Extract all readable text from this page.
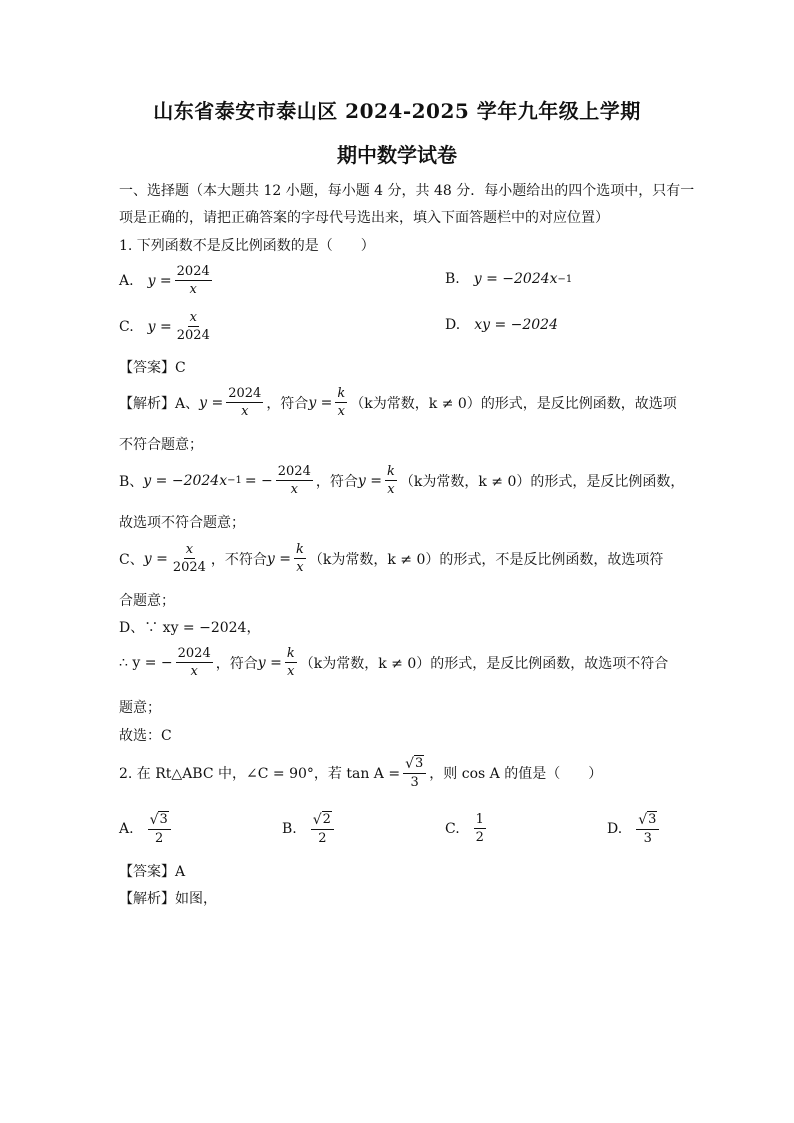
山东省泰安市泰山区 2024-2025 学年九年级上学期
期中数学试卷
一、选择题（本大题共 12 小题，每小题 4 分，共 48 分．每小题给出的四个选项中，只有一
项是正确的，请把正确答案的字母代号选出来，填入下面答题栏中的对应位置）
1. 下列函数不是反比例函数的是（　　）
A. $y = \frac{2024}{x}$	B. y = −2024x −1
C. $y = \frac{x}{2024}$	D. xy = −2024
【答案】C
【解析】 A、 $y = \frac{2024}{x}$ ，符合 $y = \frac{k}{x} (k$为常数，k ≠ 0） 的形式，是反比例函数，故选项
不符合题意；
B、 y = −2024x −1 = − $\frac{2024}{x}$ ，符合 $y = \frac{k}{x} (k$为常数，k ≠ 0） 的形式，是反比例函数，
故选项不符合题意；
C、 $y = \frac{x}{2024}$ ，不符合 $y = \frac{k}{x} (k$为常数，k ≠ 0） 的形式，不是反比例函数，故选项符
合题意；
D、∵ xy = −2024，
∴ y = − $\frac{2024}{x}$ ，符合 $y = \frac{k}{x} (k$为常数，k ≠ 0） 的形式，是反比例函数，故选项不符合
题意；
故选：C
2. 在 Rt△ABC 中，∠C = 90°，若 $\tan A = \frac{√ 3}{3}$ ，则 cos A 的值是（　　）
A. $\frac{√ 3}{2}$	B. $\frac{√ 2}{2}$	C. $\frac{1}{2}$	D. $\frac{√ 3}{3}$
【答案】A
【解析】如图，
